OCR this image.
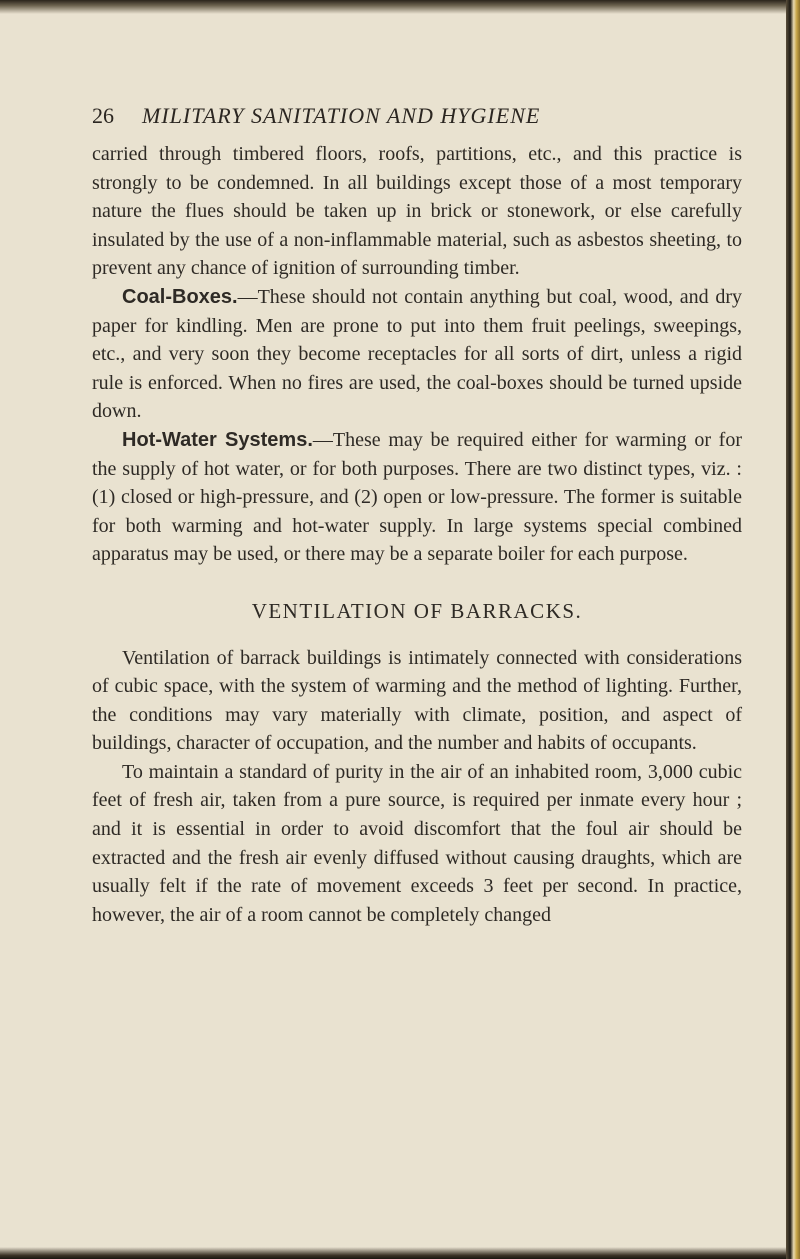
26 MILITARY SANITATION AND HYGIENE

carried through timbered floors, roofs, partitions, etc., and this practice is strongly to be condemned. In all buildings except those of a most temporary nature the flues should be taken up in brick or stonework, or else carefully insulated by the use of a non-inflammable material, such as asbestos sheeting, to prevent any chance of ignition of surrounding timber.

Coal-Boxes.—These should not contain anything but coal, wood, and dry paper for kindling. Men are prone to put into them fruit peelings, sweepings, etc., and very soon they become receptacles for all sorts of dirt, unless a rigid rule is enforced. When no fires are used, the coal-boxes should be turned upside down.

Hot-Water Systems.—These may be required either for warming or for the supply of hot water, or for both purposes. There are two distinct types, viz. : (1) closed or high-pressure, and (2) open or low-pressure. The former is suitable for both warming and hot-water supply. In large systems special combined apparatus may be used, or there may be a separate boiler for each purpose.

VENTILATION OF BARRACKS.

Ventilation of barrack buildings is intimately connected with considerations of cubic space, with the system of warming and the method of lighting. Further, the conditions may vary materially with climate, position, and aspect of buildings, character of occupation, and the number and habits of occupants.

To maintain a standard of purity in the air of an inhabited room, 3,000 cubic feet of fresh air, taken from a pure source, is required per inmate every hour ; and it is essential in order to avoid discomfort that the foul air should be extracted and the fresh air evenly diffused without causing draughts, which are usually felt if the rate of movement exceeds 3 feet per second. In practice, however, the air of a room cannot be completely changed
